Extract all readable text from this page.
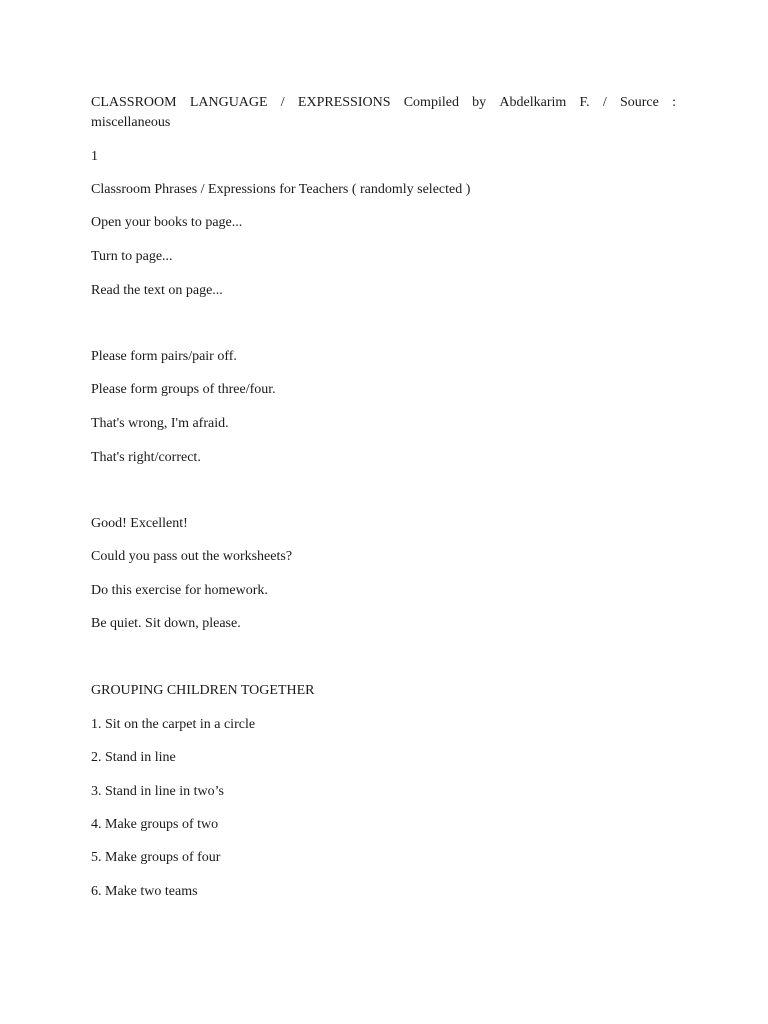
CLASSROOM LANGUAGE / EXPRESSIONS Compiled by Abdelkarim F. / Source :
miscellaneous
1
Classroom Phrases / Expressions for Teachers ( randomly selected )
Open your books to page...
Turn to page...
Read the text on page...
Please form pairs/pair off.
Please form groups of three/four.
That's wrong, I'm afraid.
That's right/correct.
Good! Excellent!
Could you pass out the worksheets?
Do this exercise for homework.
Be quiet. Sit down, please.
GROUPING CHILDREN TOGETHER
1. Sit on the carpet in a circle
2. Stand in line
3. Stand in line in two’s
4. Make groups of two
5. Make groups of four
6. Make two teams
